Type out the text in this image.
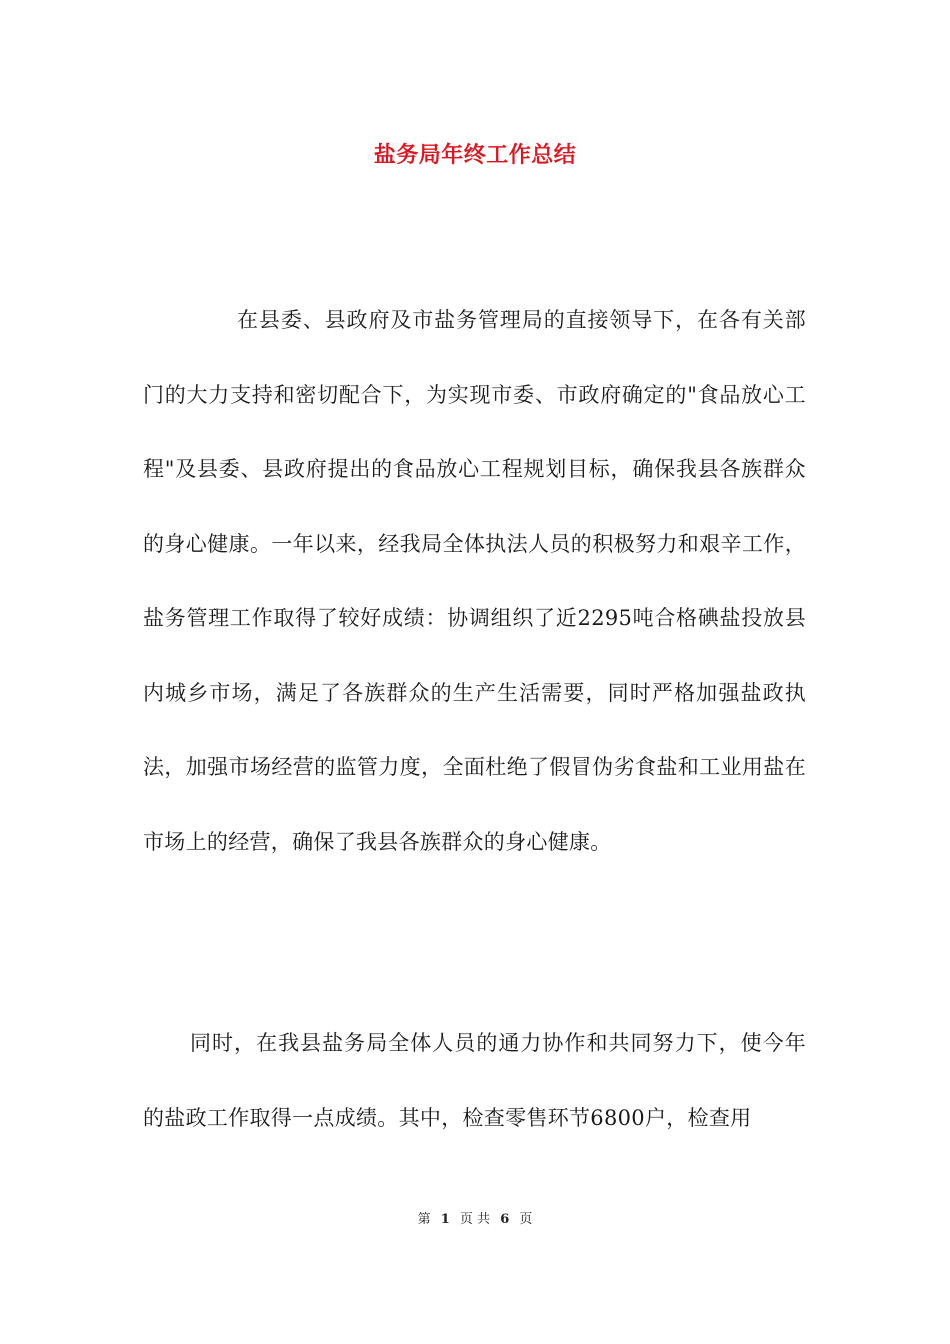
盐务局年终工作总结
在县委、县政府及市盐务管理局的直接领导下，在各有关部门的大力支持和密切配合下，为实现市委、市政府确定的"食品放心工程"及县委、县政府提出的食品放心工程规划目标，确保我县各族群众的身心健康。一年以来，经我局全体执法人员的积极努力和艰辛工作，盐务管理工作取得了较好成绩：协调组织了近2295吨合格碘盐投放县内城乡市场，满足了各族群众的生产生活需要，同时严格加强盐政执法，加强市场经营的监管力度，全面杜绝了假冒伪劣食盐和工业用盐在市场上的经营，确保了我县各族群众的身心健康。
同时，在我县盐务局全体人员的通力协作和共同努力下，使今年的盐政工作取得一点成绩。其中，检查零售环节6800户，检查用
第 1 页 共 6 页
